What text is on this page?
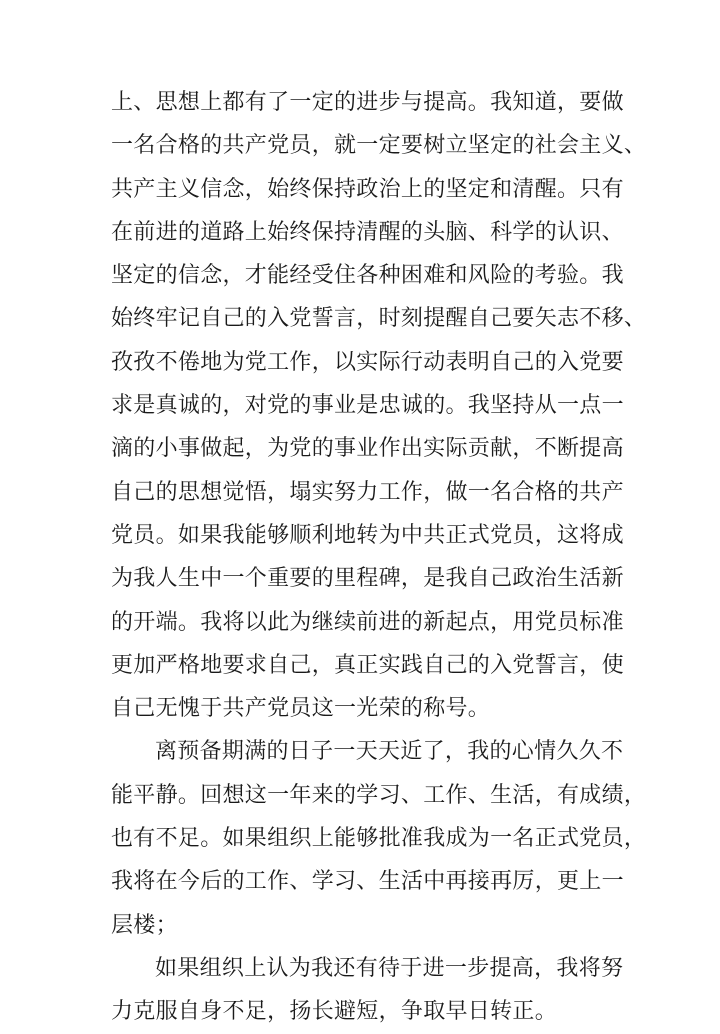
上、思想上都有了一定的进步与提高。我知道，要做
一名合格的共产党员，就一定要树立坚定的社会主义、
共产主义信念，始终保持政治上的坚定和清醒。只有
在前进的道路上始终保持清醒的头脑、科学的认识、
坚定的信念，才能经受住各种困难和风险的考验。我
始终牢记自己的入党誓言，时刻提醒自己要矢志不移、
孜孜不倦地为党工作，以实际行动表明自己的入党要
求是真诚的，对党的事业是忠诚的。我坚持从一点一
滴的小事做起，为党的事业作出实际贡献，不断提高
自己的思想觉悟，塌实努力工作，做一名合格的共产
党员。如果我能够顺利地转为中共正式党员，这将成
为我人生中一个重要的里程碑，是我自己政治生活新
的开端。我将以此为继续前进的新起点，用党员标准
更加严格地要求自己，真正实践自己的入党誓言，使
自己无愧于共产党员这一光荣的称号。
离预备期满的日子一天天近了，我的心情久久不
能平静。回想这一年来的学习、工作、生活，有成绩，
也有不足。如果组织上能够批准我成为一名正式党员，
我将在今后的工作、学习、生活中再接再厉，更上一
层楼；
如果组织上认为我还有待于进一步提高，我将努
力克服自身不足，扬长避短，争取早日转正。
